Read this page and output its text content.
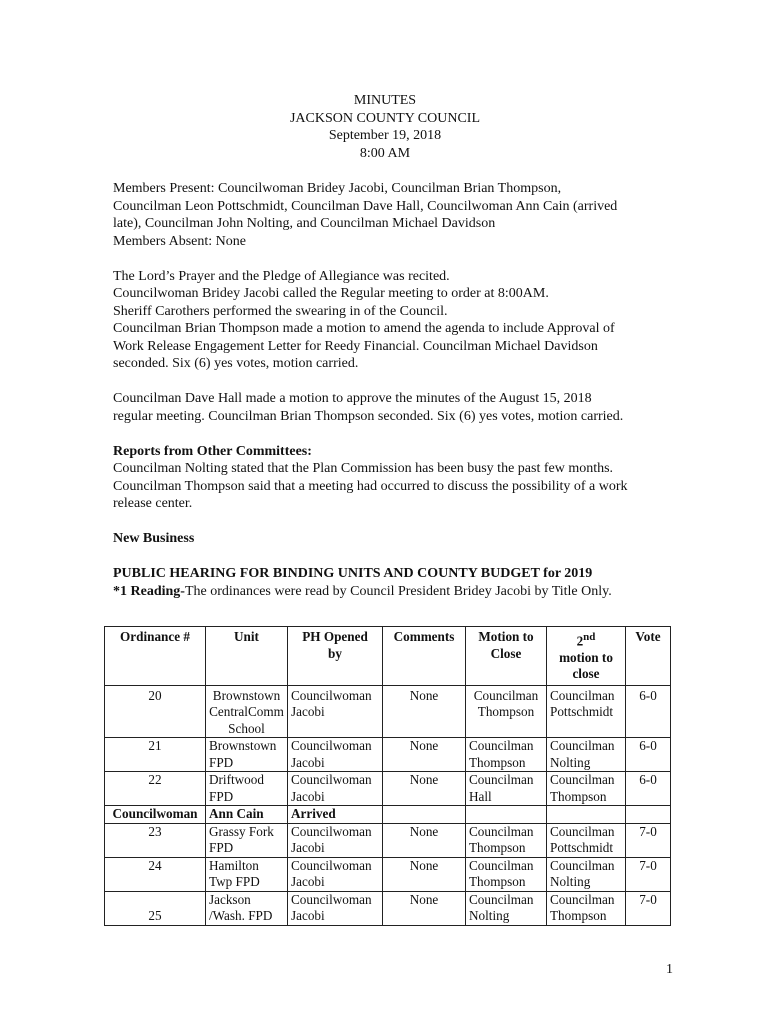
MINUTES
JACKSON COUNTY COUNCIL
September 19, 2018
8:00 AM

Members Present: Councilwoman Bridey Jacobi, Councilman Brian Thompson,
Councilman Leon Pottschmidt, Councilman Dave Hall, Councilwoman Ann Cain (arrived
late), Councilman John Nolting, and Councilman Michael Davidson
Members Absent: None

The Lord’s Prayer and the Pledge of Allegiance was recited.
Councilwoman Bridey Jacobi called the Regular meeting to order at 8:00AM.
Sheriff Carothers performed the swearing in of the Council.
Councilman Brian Thompson made a motion to amend the agenda to include Approval of
Work Release Engagement Letter for Reedy Financial. Councilman Michael Davidson
seconded. Six (6) yes votes, motion carried.

Councilman Dave Hall made a motion to approve the minutes of the August 15, 2018
regular meeting. Councilman Brian Thompson seconded. Six (6) yes votes, motion carried.

Reports from Other Committees:
Councilman Nolting stated that the Plan Commission has been busy the past few months.
Councilman Thompson said that a meeting had occurred to discuss the possibility of a work
release center.

New Business

PUBLIC HEARING FOR BINDING UNITS AND COUNTY BUDGET for 2019
*1 Reading-The ordinances were read by Council President Bridey Jacobi by Title Only.

Ordinance #	Unit	PH Opened
by	Comments	Motion to
Close	2nd
motion to
close	Vote
20	Brownstown
CentralComm
School	Councilwoman
Jacobi	None	Councilman
Thompson	Councilman
Pottschmidt	6-0
21	Brownstown
FPD	Councilwoman
Jacobi	None	Councilman
Thompson	Councilman
Nolting	6-0
22	Driftwood
FPD	Councilwoman
Jacobi	None	Councilman
Hall	Councilman
Thompson	6-0
Councilwoman	Ann Cain	Arrived				
23	Grassy Fork
FPD	Councilwoman
Jacobi	None	Councilman
Thompson	Councilman
Pottschmidt	7-0
24	Hamilton
Twp FPD	Councilwoman
Jacobi	None	Councilman
Thompson	Councilman
Nolting	7-0
25	Jackson
/Wash. FPD	Councilwoman
Jacobi	None	Councilman
Nolting	Councilman
Thompson	7-0
1
